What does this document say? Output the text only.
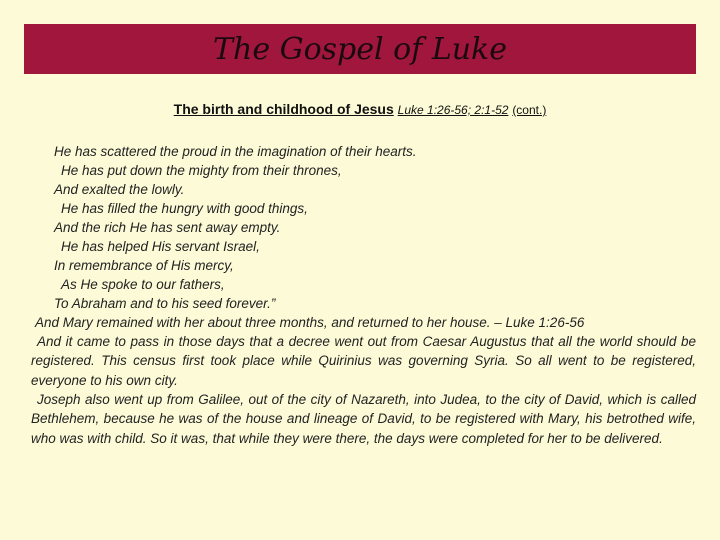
The Gospel of Luke
The birth and childhood of Jesus Luke 1:26-56; 2:1-52 (cont.)
He has scattered the proud in the imagination of their hearts.
He has put down the mighty from their thrones,
And exalted the lowly.
He has filled the hungry with good things,
And the rich He has sent away empty.
He has helped His servant Israel,
In remembrance of His mercy,
As He spoke to our fathers,
To Abraham and to his seed forever.”
And Mary remained with her about three months, and returned to her house. – Luke 1:26-56
And it came to pass in those days that a decree went out from Caesar Augustus that all the world should be registered. This census first took place while Quirinius was governing Syria. So all went to be registered, everyone to his own city.
Joseph also went up from Galilee, out of the city of Nazareth, into Judea, to the city of David, which is called Bethlehem, because he was of the house and lineage of David, to be registered with Mary, his betrothed wife, who was with child. So it was, that while they were there, the days were completed for her to be delivered.
